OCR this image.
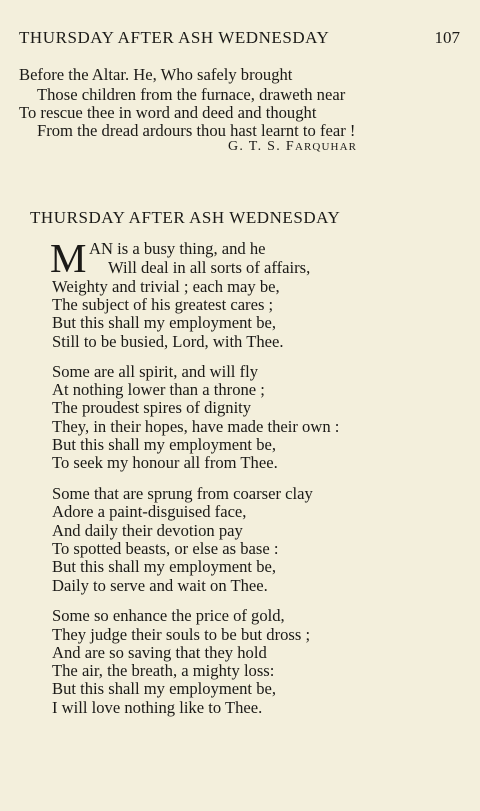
THURSDAY AFTER ASH WEDNESDAY	107
Before the Altar. He, Who safely brought
Those children from the furnace, draweth near
To rescue thee in word and deed and thought
From the dread ardours thou hast learnt to fear !
G. T. S. FARQUHAR
THURSDAY AFTER ASH WEDNESDAY
M AN is a busy thing, and he
Will deal in all sorts of affairs,
Weighty and trivial ; each may be,
The subject of his greatest cares ;
But this shall my employment be,
Still to be busied, Lord, with Thee.
Some are all spirit, and will fly
At nothing lower than a throne ;
The proudest spires of dignity
They, in their hopes, have made their own :
But this shall my employment be,
To seek my honour all from Thee.
Some that are sprung from coarser clay
Adore a paint-disguised face,
And daily their devotion pay
To spotted beasts, or else as base :
But this shall my employment be,
Daily to serve and wait on Thee.
Some so enhance the price of gold,
They judge their souls to be but dross ;
And are so saving that they hold
The air, the breath, a mighty loss:
But this shall my employment be,
I will love nothing like to Thee.
